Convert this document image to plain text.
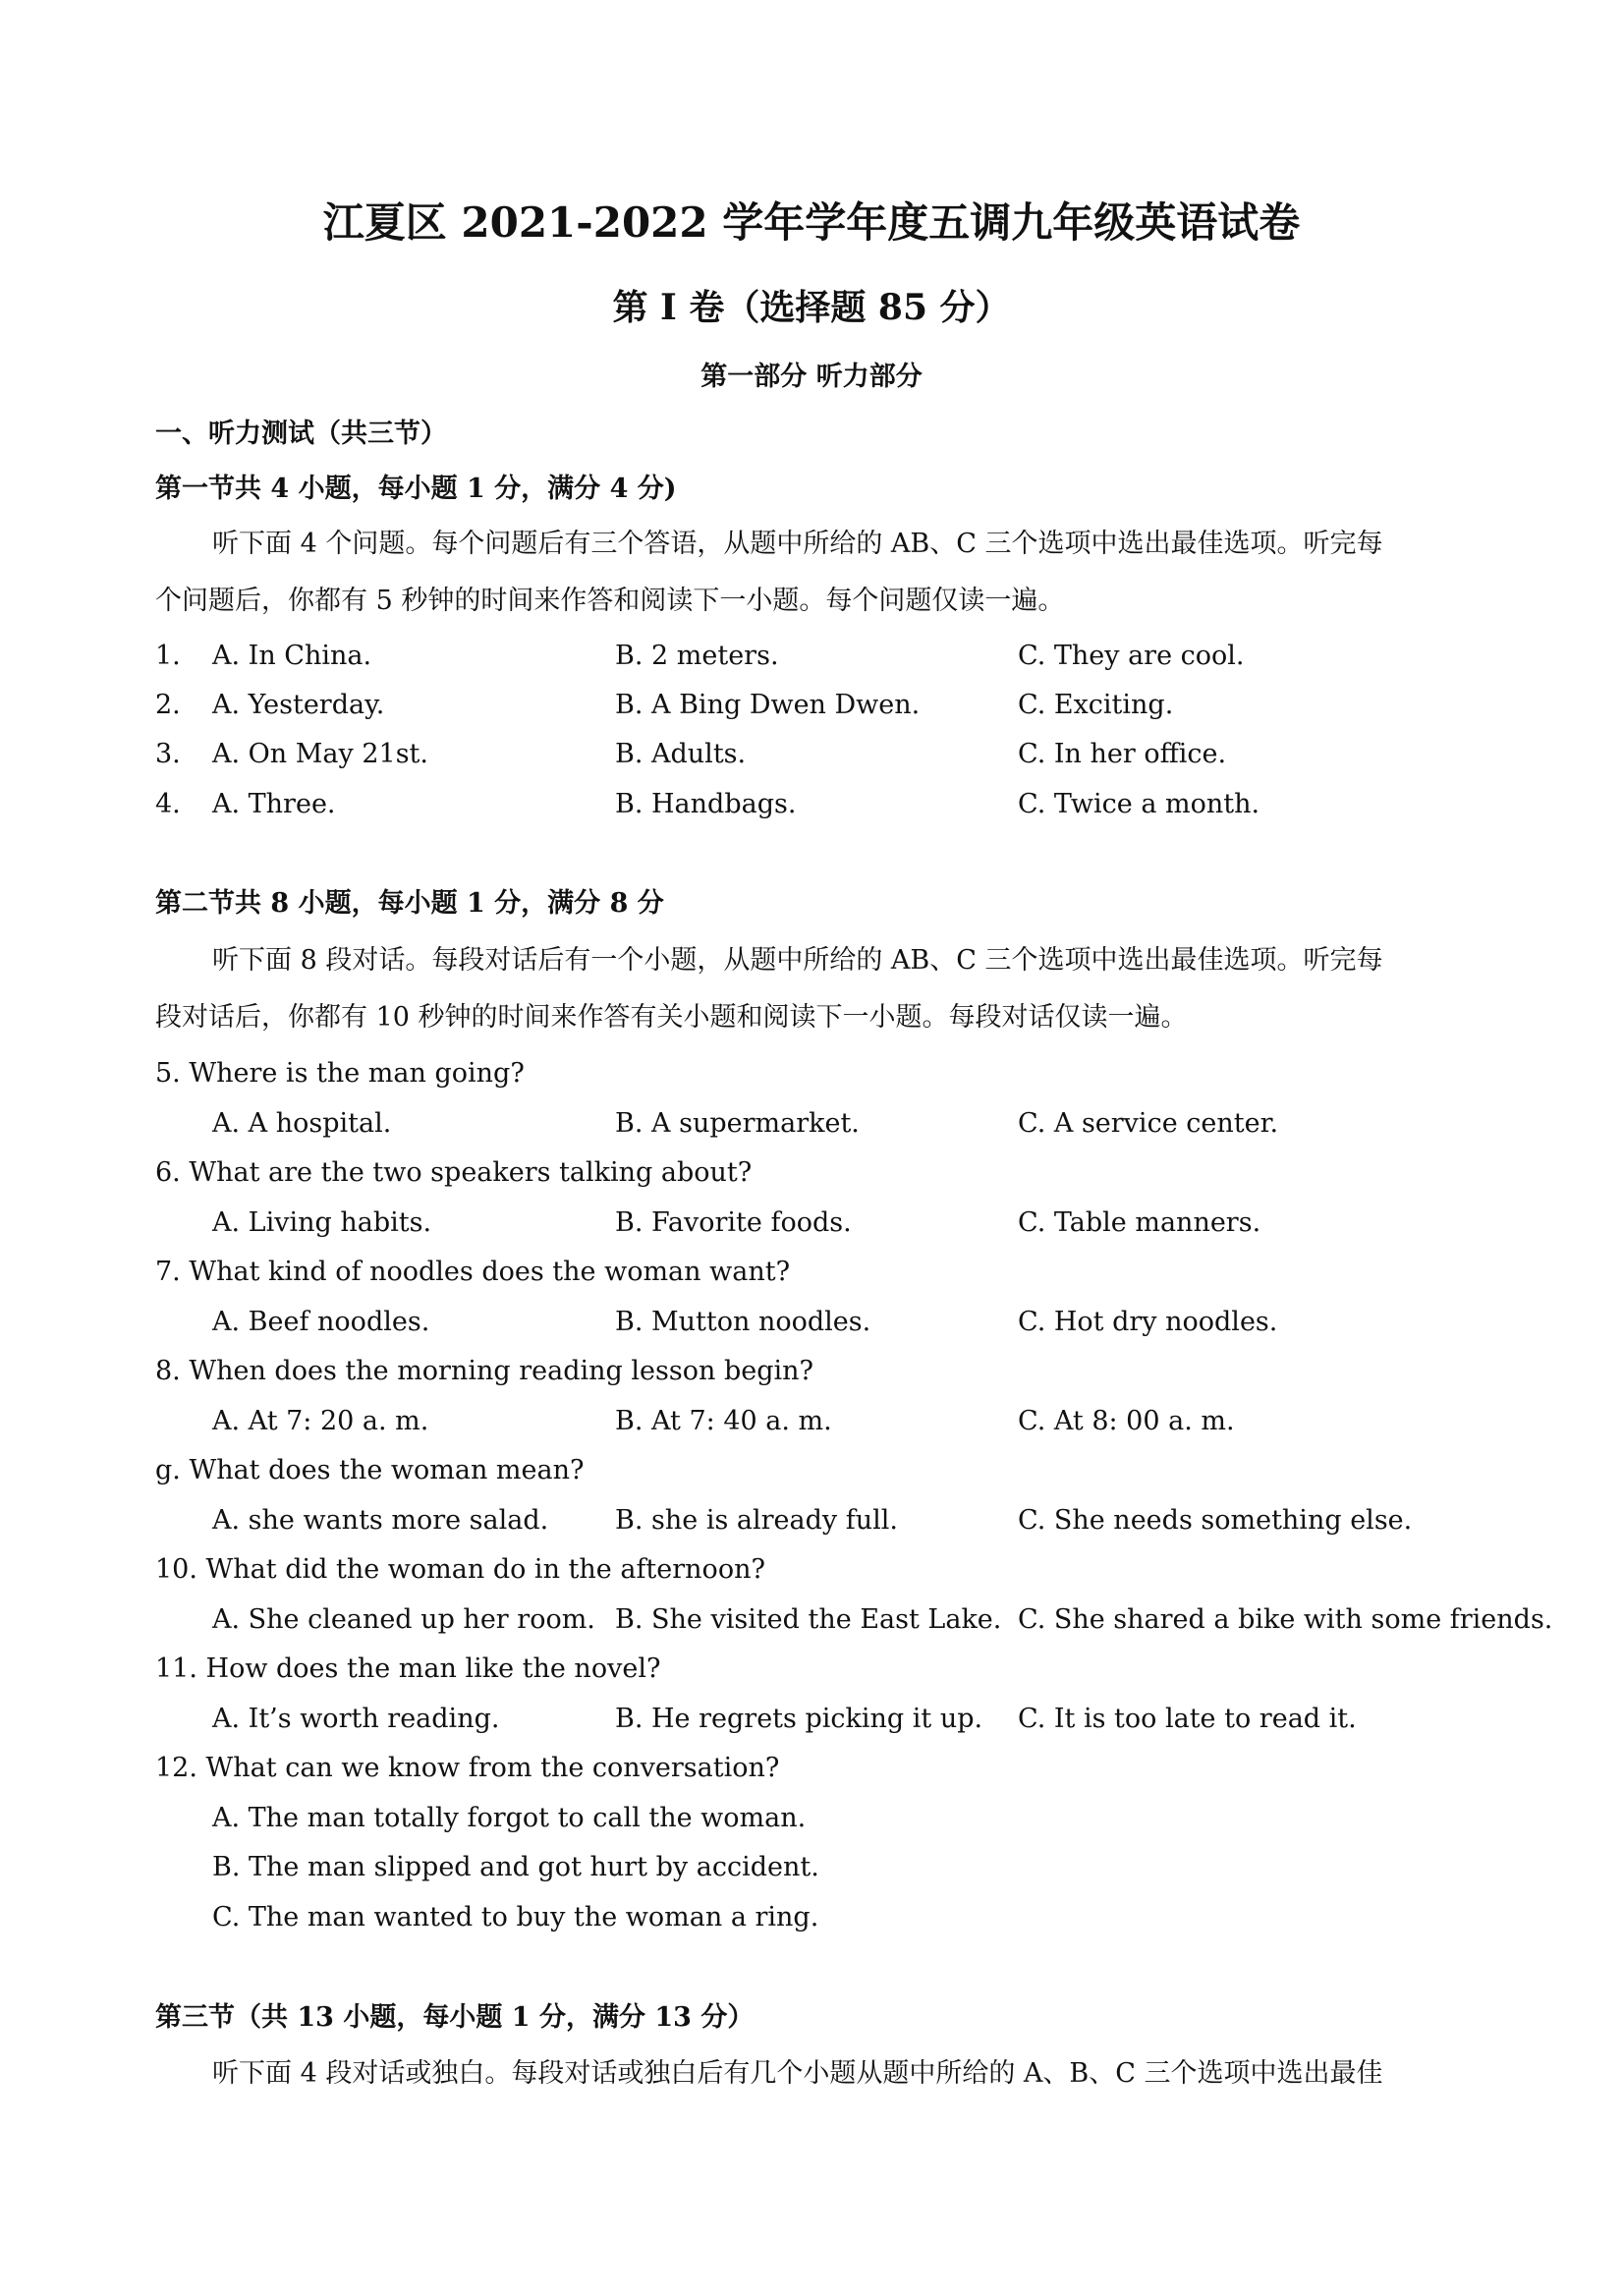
江夏区 2021-2022 学年学年度五调九年级英语试卷
第 I 卷（选择题 85 分）
第一部分 听力部分
一、听力测试（共三节）
第一节共 4 小题，每小题 1 分，满分 4 分)
听下面 4 个问题。每个问题后有三个答语，从题中所给的 AB、C 三个选项中选出最佳选项。听完每
个问题后，你都有 5 秒钟的时间来作答和阅读下一小题。每个问题仅读一遍。
1. A. In China.	B. 2 meters.	C. They are cool.
2. A. Yesterday.	B. A Bing Dwen Dwen.	C. Exciting.
3. A. On May 21st.	B. Adults.	C. In her office.
4. A. Three.	B. Handbags.	C. Twice a month.
第二节共 8 小题，每小题 1 分，满分 8 分
听下面 8 段对话。每段对话后有一个小题，从题中所给的 AB、C 三个选项中选出最佳选项。听完每
段对话后，你都有 10 秒钟的时间来作答有关小题和阅读下一小题。每段对话仅读一遍。
5. Where is the man going?
A. A hospital.	B. A supermarket.	C. A service center.
6. What are the two speakers talking about?
A. Living habits.	B. Favorite foods.	C. Table manners.
7. What kind of noodles does the woman want?
A. Beef noodles.	B. Mutton noodles.	C. Hot dry noodles.
8. When does the morning reading lesson begin?
A. At 7: 20 a. m.	B. At 7: 40 a. m.	C. At 8: 00 a. m.
g. What does the woman mean?
A. she wants more salad.	B. she is already full.	C. She needs something else.
10. What did the woman do in the afternoon?
A. She cleaned up her room. B. She visited the East Lake. C. She shared a bike with some friends.
11. How does the man like the novel?
A. It’s worth reading.	B. He regrets picking it up. C. It is too late to read it.
12. What can we know from the conversation?
A. The man totally forgot to call the woman.
B. The man slipped and got hurt by accident.
C. The man wanted to buy the woman a ring.
第三节（共 13 小题，每小题 1 分，满分 13 分）
听下面 4 段对话或独白。每段对话或独白后有几个小题从题中所给的 A、B、C 三个选项中选出最佳
